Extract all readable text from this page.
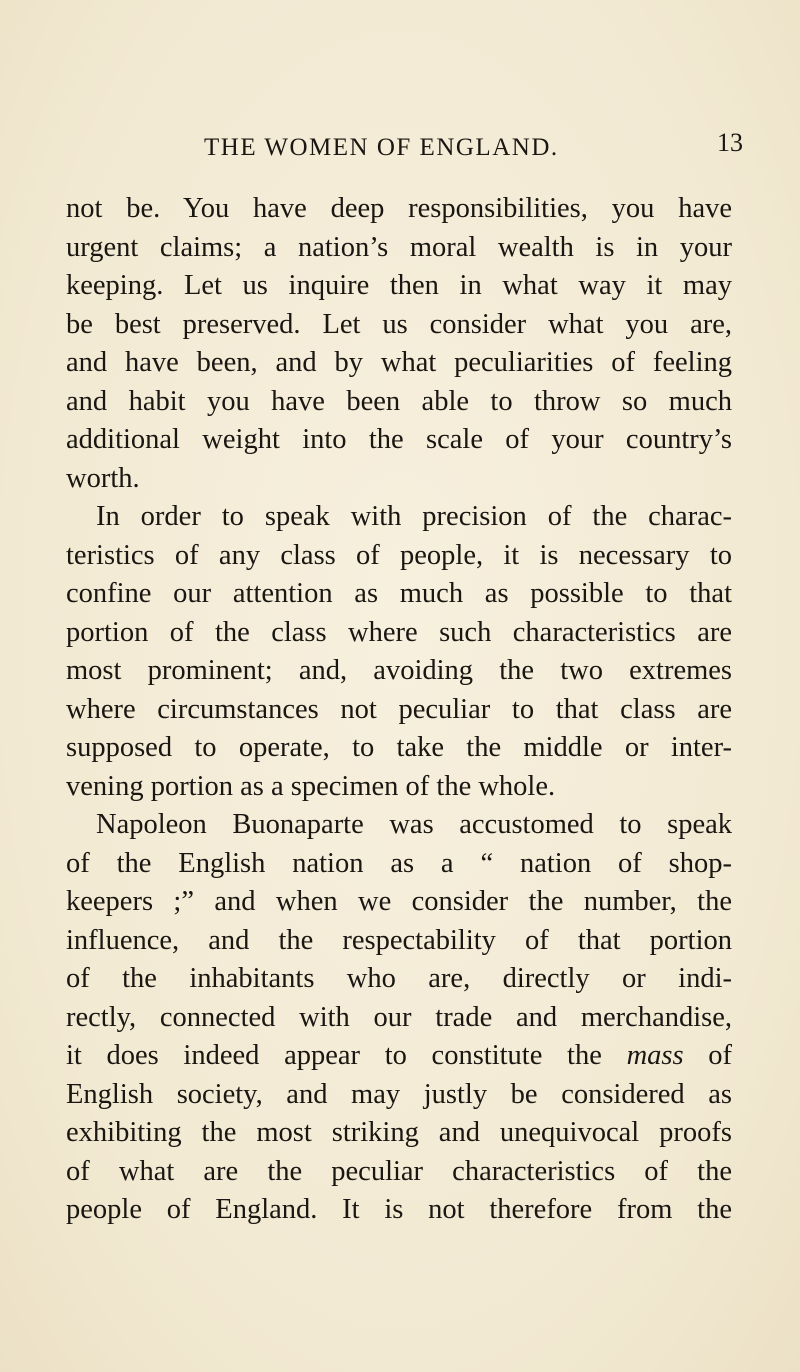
THE WOMEN OF ENGLAND.	13
not be. You have deep responsibilities, you have
urgent claims; a nation’s moral wealth is in your
keeping. Let us inquire then in what way it may
be best preserved. Let us consider what you are,
and have been, and by what peculiarities of feeling
and habit you have been able to throw so much
additional weight into the scale of your country’s
worth.
In order to speak with precision of the charac-
teristics of any class of people, it is necessary to
confine our attention as much as possible to that
portion of the class where such characteristics are
most prominent; and, avoiding the two extremes
where circumstances not peculiar to that class are
supposed to operate, to take the middle or inter-
vening portion as a specimen of the whole.
Napoleon Buonaparte was accustomed to speak
of the English nation as a “ nation of shop-
keepers ;” and when we consider the number, the
influence, and the respectability of that portion
of the inhabitants who are, directly or indi-
rectly, connected with our trade and merchandise,
it does indeed appear to constitute the mass of
English society, and may justly be considered as
exhibiting the most striking and unequivocal proofs
of what are the peculiar characteristics of the
people of England. It is not therefore from the
